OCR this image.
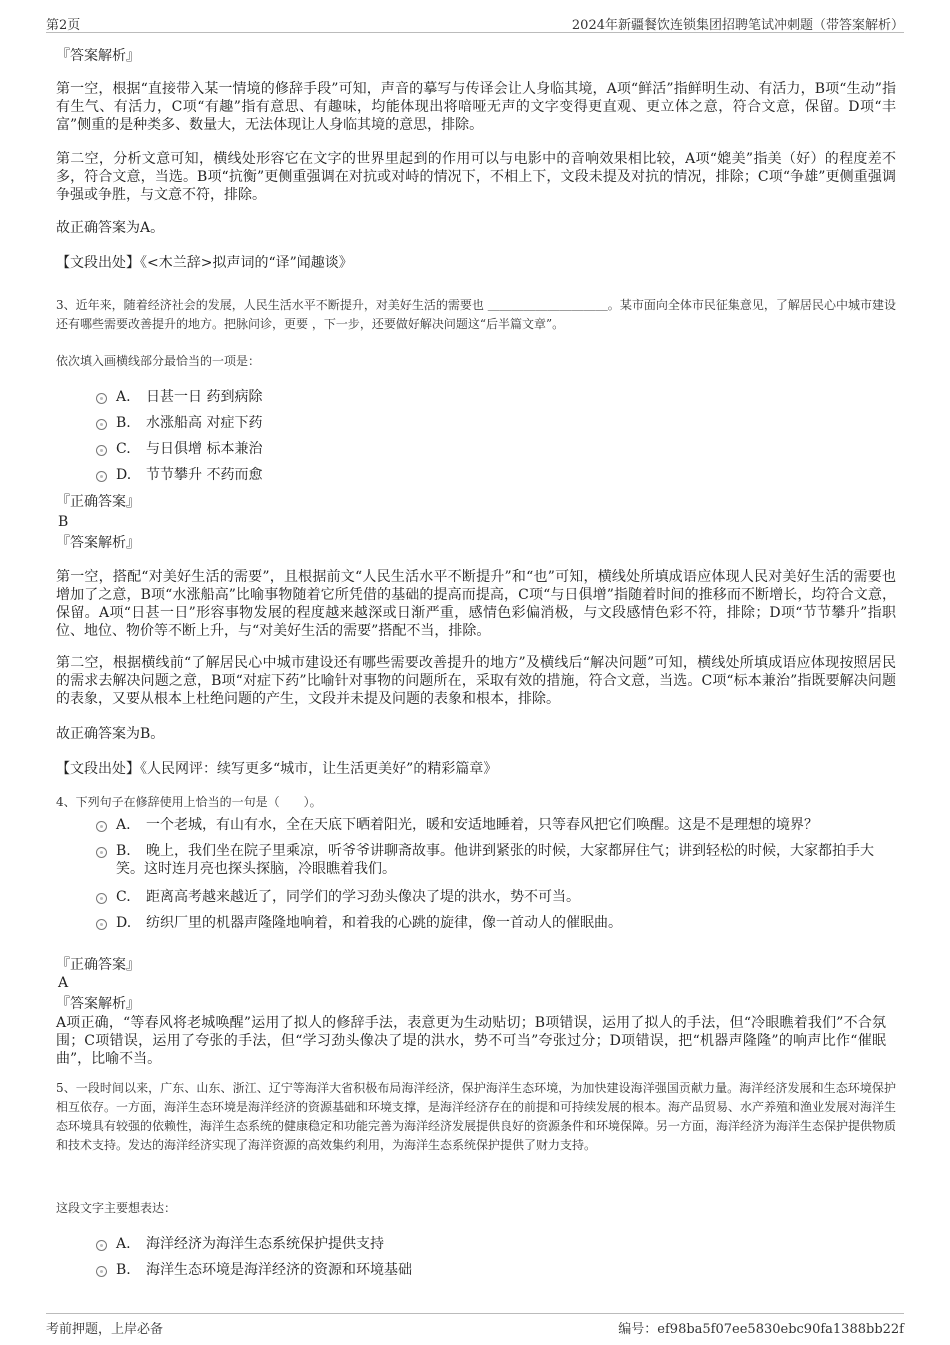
第2页	2024年新疆餐饮连锁集团招聘笔试冲刺题（带答案解析）

『答案解析』

第一空，根据“直接带入某一情境的修辞手段”可知，声音的摹写与传译会让人身临其境，A项“鲜活”指鲜明生动、有活力，B项“生动”指有生气、有活力，C项“有趣”指有意思、有趣味，均能体现出将喑哑无声的文字变得更直观、更立体之意，符合文意，保留。D项“丰富”侧重的是种类多、数量大，无法体现让人身临其境的意思，排除。

第二空，分析文意可知，横线处形容它在文字的世界里起到的作用可以与电影中的音响效果相比较，A项“媲美”指美（好）的程度差不多，符合文意，当选。B项“抗衡”更侧重强调在对抗或对峙的情况下，不相上下，文段未提及对抗的情况，排除；C项“争雄”更侧重强调争强或争胜，与文意不符，排除。

故正确答案为A。

【文段出处】《<木兰辞>拟声词的“译”闻趣谈》

3、近年来，随着经济社会的发展，人民生活水平不断提升，对美好生活的需要也 ＿＿＿＿＿＿＿＿＿＿。某市面向全体市民征集意见，了解居民心中城市建设还有哪些需要改善提升的地方。把脉问诊，更要 ，下一步，还要做好解决问题这“后半篇文章”。

依次填入画横线部分最恰当的一项是：

A. 日甚一日 药到病除
B. 水涨船高 对症下药
C. 与日俱增 标本兼治
D. 节节攀升 不药而愈

『正确答案』

B

『答案解析』

第一空，搭配“对美好生活的需要”，且根据前文“人民生活水平不断提升”和“也”可知，横线处所填成语应体现人民对美好生活的需要也增加了之意，B项“水涨船高”比喻事物随着它所凭借的基础的提高而提高，C项“与日俱增”指随着时间的推移而不断增长，均符合文意，保留。A项“日甚一日”形容事物发展的程度越来越深或日渐严重，感情色彩偏消极，与文段感情色彩不符，排除；D项“节节攀升”指职位、地位、物价等不断上升，与“对美好生活的需要”搭配不当，排除。

第二空，根据横线前“了解居民心中城市建设还有哪些需要改善提升的地方”及横线后“解决问题”可知，横线处所填成语应体现按照居民的需求去解决问题之意，B项“对症下药”比喻针对事物的问题所在，采取有效的措施，符合文意，当选。C项“标本兼治”指既要解决问题的表象，又要从根本上杜绝问题的产生，文段并未提及问题的表象和根本，排除。

故正确答案为B。

【文段出处】《人民网评：续写更多“城市，让生活更美好”的精彩篇章》

4、下列句子在修辞使用上恰当的一句是（　　）。

A. 一个老城，有山有水，全在天底下晒着阳光，暖和安适地睡着，只等春风把它们唤醒。这是不是理想的境界？
B. 晚上，我们坐在院子里乘凉，听爷爷讲聊斋故事。他讲到紧张的时候，大家都屏住气；讲到轻松的时候，大家都拍手大笑。这时连月亮也探头探脑，冷眼瞧着我们。
C. 距离高考越来越近了，同学们的学习劲头像决了堤的洪水，势不可当。
D. 纺织厂里的机器声隆隆地响着，和着我的心跳的旋律，像一首动人的催眠曲。

『正确答案』

A

『答案解析』

A项正确，“等春风将老城唤醒”运用了拟人的修辞手法，表意更为生动贴切；B项错误，运用了拟人的手法，但“冷眼瞧着我们”不合氛围；C项错误，运用了夸张的手法，但“学习劲头像决了堤的洪水，势不可当”夸张过分；D项错误，把“机器声隆隆”的响声比作“催眠曲”，比喻不当。

5、一段时间以来，广东、山东、浙江、辽宁等海洋大省积极布局海洋经济，保护海洋生态环境，为加快建设海洋强国贡献力量。海洋经济发展和生态环境保护相互依存。一方面，海洋生态环境是海洋经济的资源基础和环境支撑，是海洋经济存在的前提和可持续发展的根本。海产品贸易、水产养殖和渔业发展对海洋生态环境具有较强的依赖性，海洋生态系统的健康稳定和功能完善为海洋经济发展提供良好的资源条件和环境保障。另一方面，海洋经济为海洋生态保护提供物质和技术支持。发达的海洋经济实现了海洋资源的高效集约利用，为海洋生态系统保护提供了财力支持。

这段文字主要想表达：

A. 海洋经济为海洋生态系统保护提供支持
B. 海洋生态环境是海洋经济的资源和环境基础
考前押题，上岸必备	编号：ef98ba5f07ee5830ebc90fa1388bb22f
